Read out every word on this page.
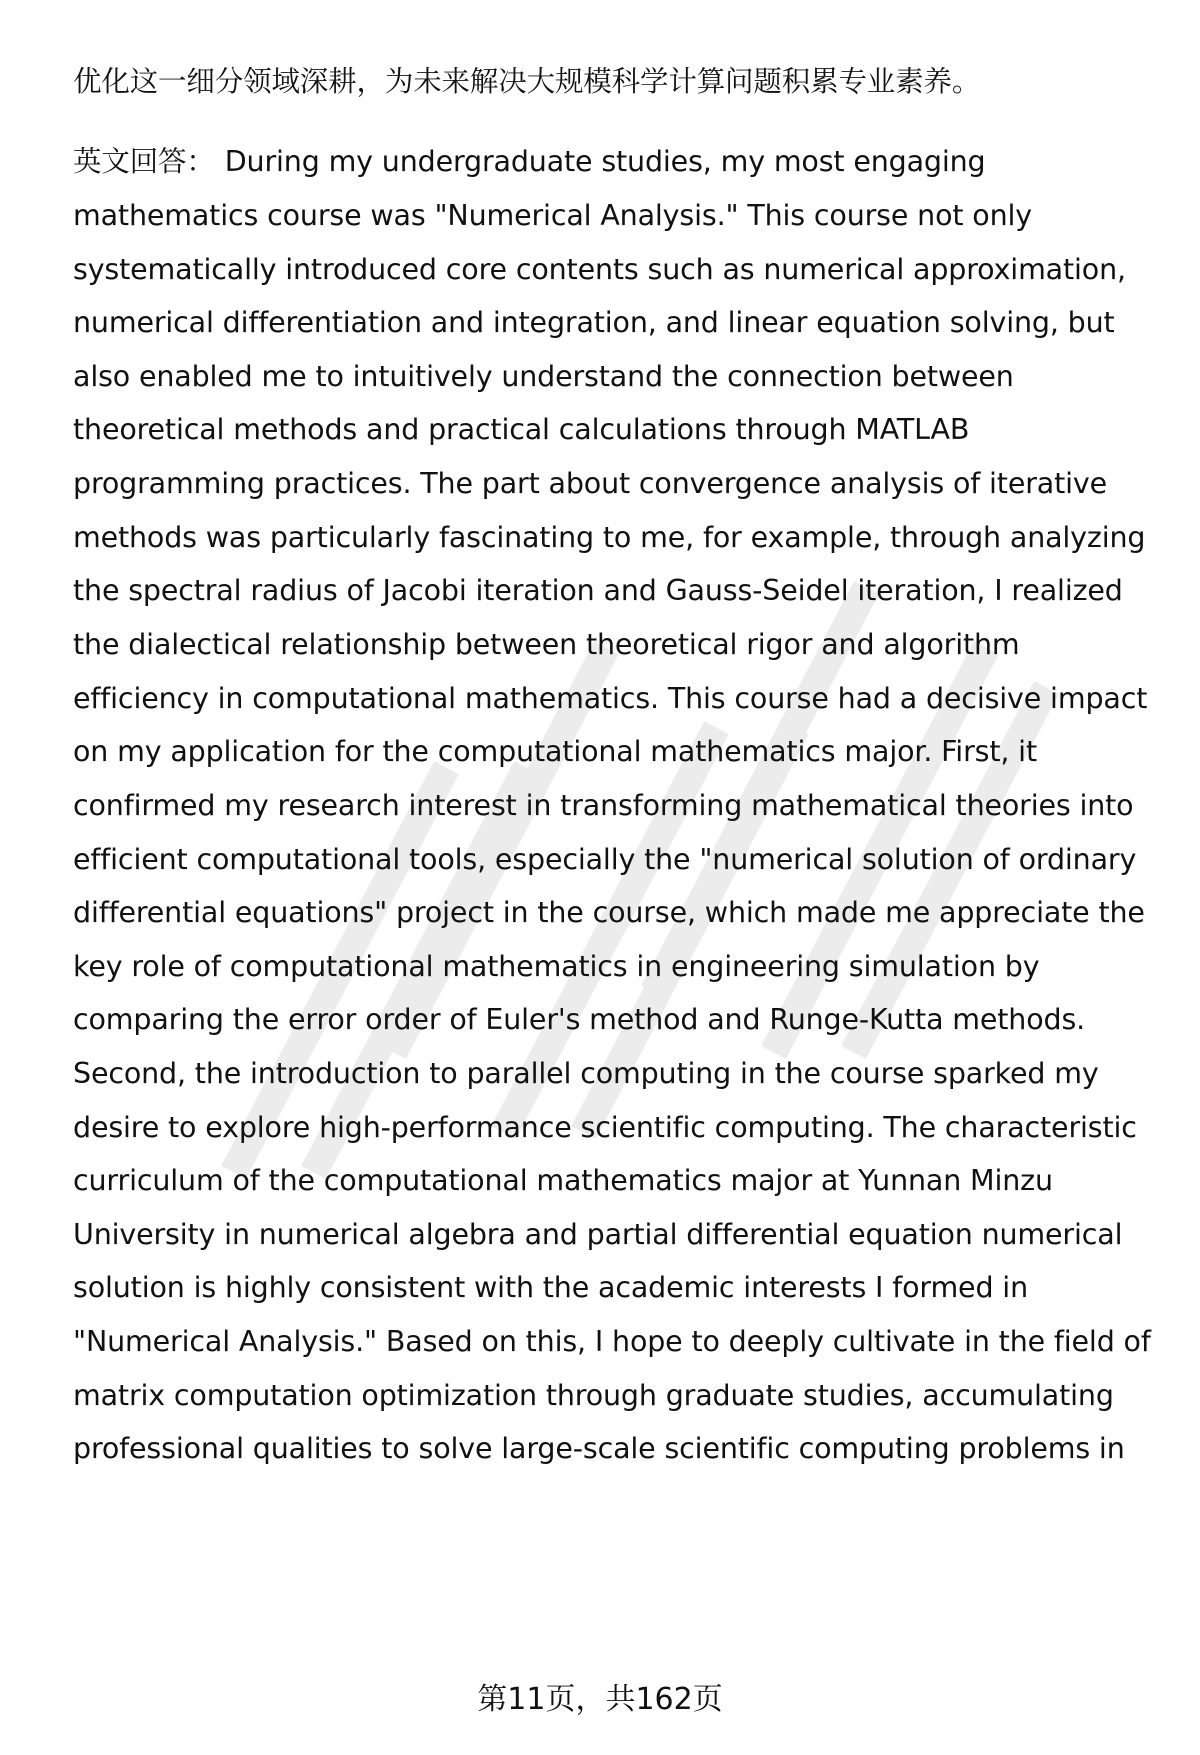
优化这一细分领域深耕，为未来解决大规模科学计算问题积累专业素养。
英文回答： During my undergraduate studies, my most engaging
mathematics course was "Numerical Analysis." This course not only
systematically introduced core contents such as numerical approximation,
numerical differentiation and integration, and linear equation solving, but
also enabled me to intuitively understand the connection between
theoretical methods and practical calculations through MATLAB
programming practices. The part about convergence analysis of iterative
methods was particularly fascinating to me, for example, through analyzing
the spectral radius of Jacobi iteration and Gauss-Seidel iteration, I realized
the dialectical relationship between theoretical rigor and algorithm
efficiency in computational mathematics. This course had a decisive impact
on my application for the computational mathematics major. First, it
confirmed my research interest in transforming mathematical theories into
efficient computational tools, especially the "numerical solution of ordinary
differential equations" project in the course, which made me appreciate the
key role of computational mathematics in engineering simulation by
comparing the error order of Euler's method and Runge-Kutta methods.
Second, the introduction to parallel computing in the course sparked my
desire to explore high-performance scientific computing. The characteristic
curriculum of the computational mathematics major at Yunnan Minzu
University in numerical algebra and partial differential equation numerical
solution is highly consistent with the academic interests I formed in
"Numerical Analysis." Based on this, I hope to deeply cultivate in the field of
matrix computation optimization through graduate studies, accumulating
professional qualities to solve large-scale scientific computing problems in
第11页，共162页
